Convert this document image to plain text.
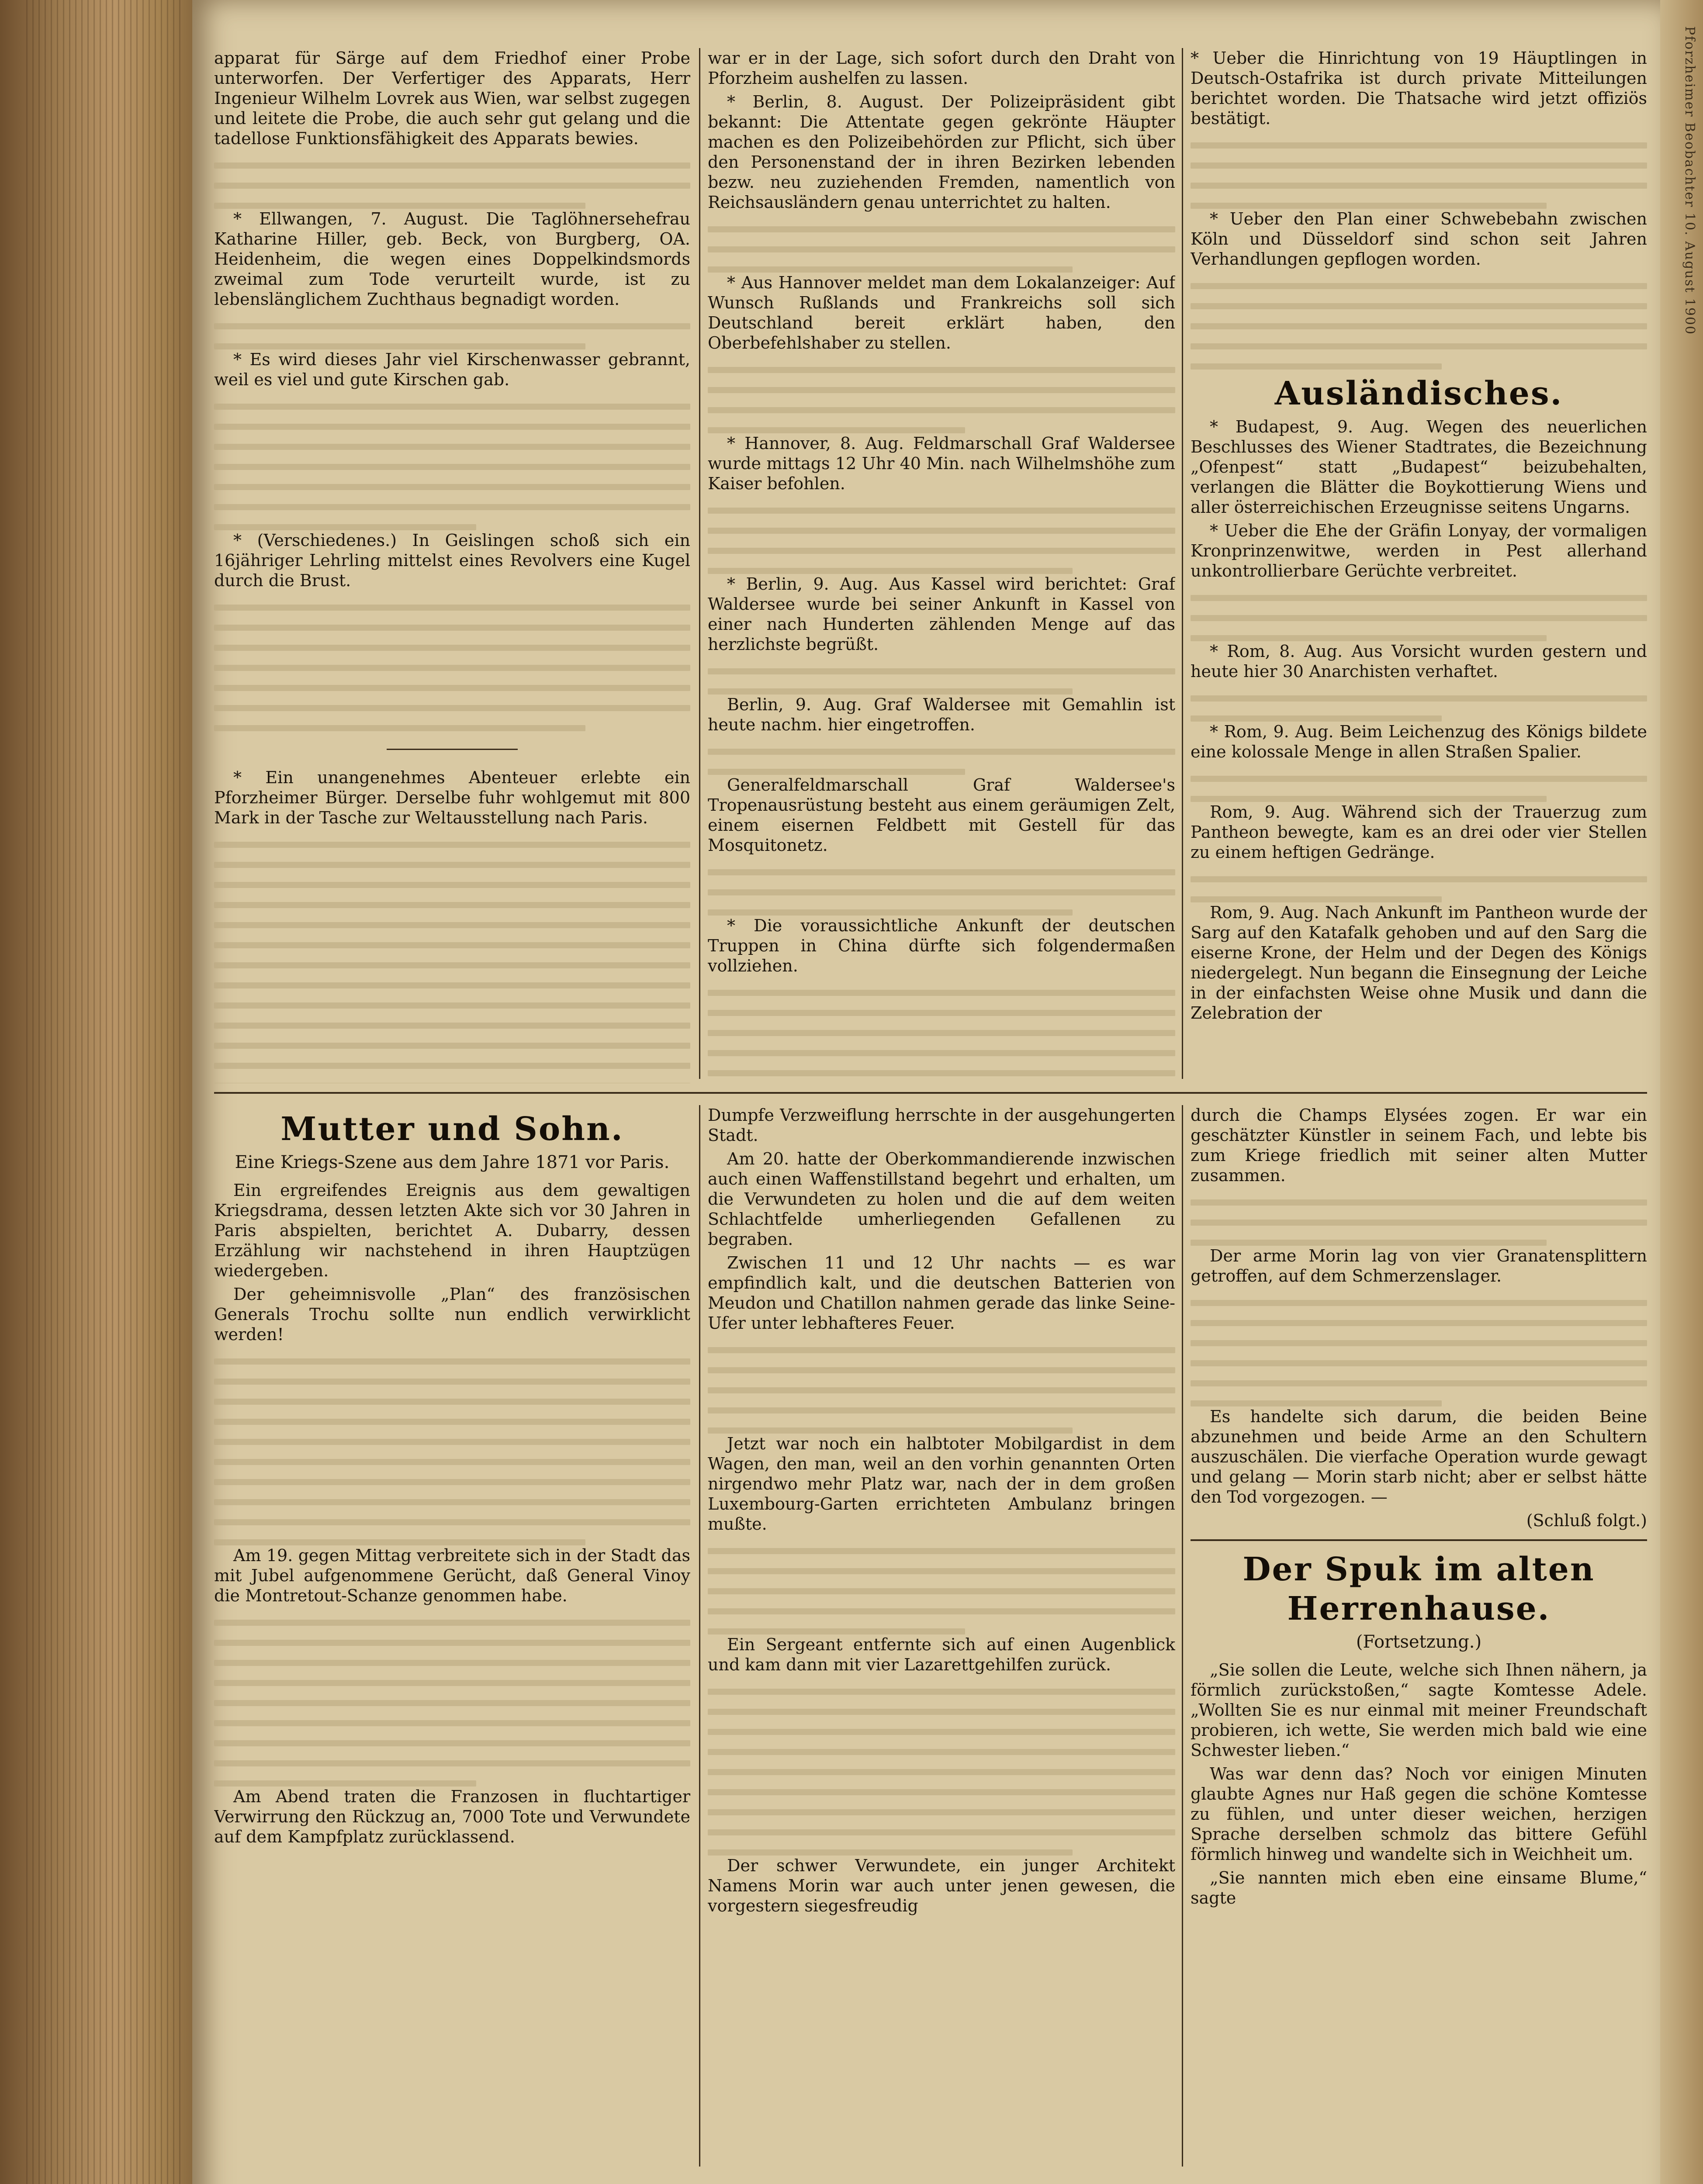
Pforzheimer Beobachter 10. August 1900

apparat für Särge auf dem Friedhof einer Probe unterworfen. Der Verfertiger des Apparats, Herr Ingenieur Wilhelm Lovrek aus Wien, war selbst zugegen und leitete die Probe, die auch sehr gut gelang und die tadellose Funktionsfähigkeit des Apparats bewies.

* Ellwangen, 7. August. Die Taglöhnersehefrau Katharine Hiller, geb. Beck, von Burgberg, OA. Heidenheim, die wegen eines Doppelkindsmords zweimal zum Tode verurteilt wurde, ist zu lebenslänglichem Zuchthaus begnadigt worden.

* Es wird dieses Jahr viel Kirschenwasser gebrannt, weil es viel und gute Kirschen gab.

* (Verschiedenes.) In Geislingen schoß sich ein 16jähriger Lehrling mittelst eines Revolvers eine Kugel durch die Brust.

* Ein unangenehmes Abenteuer erlebte ein Pforzheimer Bürger. Derselbe fuhr wohlgemut mit 800 Mark in der Tasche zur Weltausstellung nach Paris.

war er in der Lage, sich sofort durch den Draht von Pforzheim aushelfen zu lassen.

* Berlin, 8. August. Der Polizeipräsident gibt bekannt: Die Attentate gegen gekrönte Häupter machen es den Polizeibehörden zur Pflicht, sich über den Personenstand der in ihren Bezirken lebenden bezw. neu zuziehenden Fremden, namentlich von Reichsausländern genau unterrichtet zu halten.

* Aus Hannover meldet man dem Lokalanzeiger: Auf Wunsch Rußlands und Frankreichs soll sich Deutschland bereit erklärt haben, den Oberbefehlshaber zu stellen.

* Hannover, 8. Aug. Feldmarschall Graf Waldersee wurde mittags 12 Uhr 40 Min. nach Wilhelmshöhe zum Kaiser befohlen.

* Berlin, 9. Aug. Aus Kassel wird berichtet: Graf Waldersee wurde bei seiner Ankunft in Kassel von einer nach Hunderten zählenden Menge auf das herzlichste begrüßt.

Berlin, 9. Aug. Graf Waldersee mit Gemahlin ist heute nachm. hier eingetroffen.

Generalfeldmarschall Graf Waldersee's Tropenausrüstung besteht aus einem geräumigen Zelt, einem eisernen Feldbett mit Gestell für das Mosquitonetz.

* Die voraussichtliche Ankunft der deutschen Truppen in China dürfte sich folgendermaßen vollziehen.

* Ueber die Hinrichtung von 19 Häuptlingen in Deutsch-Ostafrika ist durch private Mitteilungen berichtet worden. Die Thatsache wird jetzt offiziös bestätigt.

* Ueber den Plan einer Schwebebahn zwischen Köln und Düsseldorf sind schon seit Jahren Verhandlungen gepflogen worden.

Ausländisches.

* Budapest, 9. Aug. Wegen des neuerlichen Beschlusses des Wiener Stadtrates, die Bezeichnung „Ofenpest“ statt „Budapest“ beizubehalten, verlangen die Blätter die Boykottierung Wiens und aller österreichischen Erzeugnisse seitens Ungarns.

* Ueber die Ehe der Gräfin Lonyay, der vormaligen Kronprinzenwitwe, werden in Pest allerhand unkontrollierbare Gerüchte verbreitet.

* Rom, 8. Aug. Aus Vorsicht wurden gestern und heute hier 30 Anarchisten verhaftet.

* Rom, 9. Aug. Beim Leichenzug des Königs bildete eine kolossale Menge in allen Straßen Spalier.

Rom, 9. Aug. Während sich der Trauerzug zum Pantheon bewegte, kam es an drei oder vier Stellen zu einem heftigen Gedränge.

Rom, 9. Aug. Nach Ankunft im Pantheon wurde der Sarg auf den Katafalk gehoben und auf den Sarg die eiserne Krone, der Helm und der Degen des Königs niedergelegt. Nun begann die Einsegnung der Leiche in der einfachsten Weise ohne Musik und dann die Zelebration der

Mutter und Sohn.
Eine Kriegs-Szene aus dem Jahre 1871 vor Paris.

Ein ergreifendes Ereignis aus dem gewaltigen Kriegsdrama, dessen letzten Akte sich vor 30 Jahren in Paris abspielten, berichtet A. Dubarry, dessen Erzählung wir nachstehend in ihren Hauptzügen wiedergeben.

Der geheimnisvolle „Plan“ des französischen Generals Trochu sollte nun endlich verwirklicht werden!

Am 19. gegen Mittag verbreitete sich in der Stadt das mit Jubel aufgenommene Gerücht, daß General Vinoy die Montretout-Schanze genommen habe.

Am Abend traten die Franzosen in fluchtartiger Verwirrung den Rückzug an, 7000 Tote und Verwundete auf dem Kampfplatz zurücklassend.

Dumpfe Verzweiflung herrschte in der ausgehungerten Stadt.

Am 20. hatte der Oberkommandierende inzwischen auch einen Waffenstillstand begehrt und erhalten, um die Verwundeten zu holen und die auf dem weiten Schlachtfelde umherliegenden Gefallenen zu begraben.

Zwischen 11 und 12 Uhr nachts — es war empfindlich kalt, und die deutschen Batterien von Meudon und Chatillon nahmen gerade das linke Seine-Ufer unter lebhafteres Feuer.

Jetzt war noch ein halbtoter Mobilgardist in dem Wagen, den man, weil an den vorhin genannten Orten nirgendwo mehr Platz war, nach der in dem großen Luxembourg-Garten errichteten Ambulanz bringen mußte.

Ein Sergeant entfernte sich auf einen Augenblick und kam dann mit vier Lazarettgehilfen zurück.

Der schwer Verwundete, ein junger Architekt Namens Morin war auch unter jenen gewesen, die vorgestern siegesfreudig

durch die Champs Elysées zogen. Er war ein geschätzter Künstler in seinem Fach, und lebte bis zum Kriege friedlich mit seiner alten Mutter zusammen.

Der arme Morin lag von vier Granatensplittern getroffen, auf dem Schmerzenslager.

Es handelte sich darum, die beiden Beine abzunehmen und beide Arme an den Schultern auszuschälen. Die vierfache Operation wurde gewagt und gelang — Morin starb nicht; aber er selbst hätte den Tod vorgezogen. —

(Schluß folgt.)

Der Spuk im alten Herrenhause.
(Fortsetzung.)

„Sie sollen die Leute, welche sich Ihnen nähern, ja förmlich zurückstoßen,“ sagte Komtesse Adele. „Wollten Sie es nur einmal mit meiner Freundschaft probieren, ich wette, Sie werden mich bald wie eine Schwester lieben.“

Was war denn das? Noch vor einigen Minuten glaubte Agnes nur Haß gegen die schöne Komtesse zu fühlen, und unter dieser weichen, herzigen Sprache derselben schmolz das bittere Gefühl förmlich hinweg und wandelte sich in Weichheit um.

„Sie nannten mich eben eine einsame Blume,“ sagte
